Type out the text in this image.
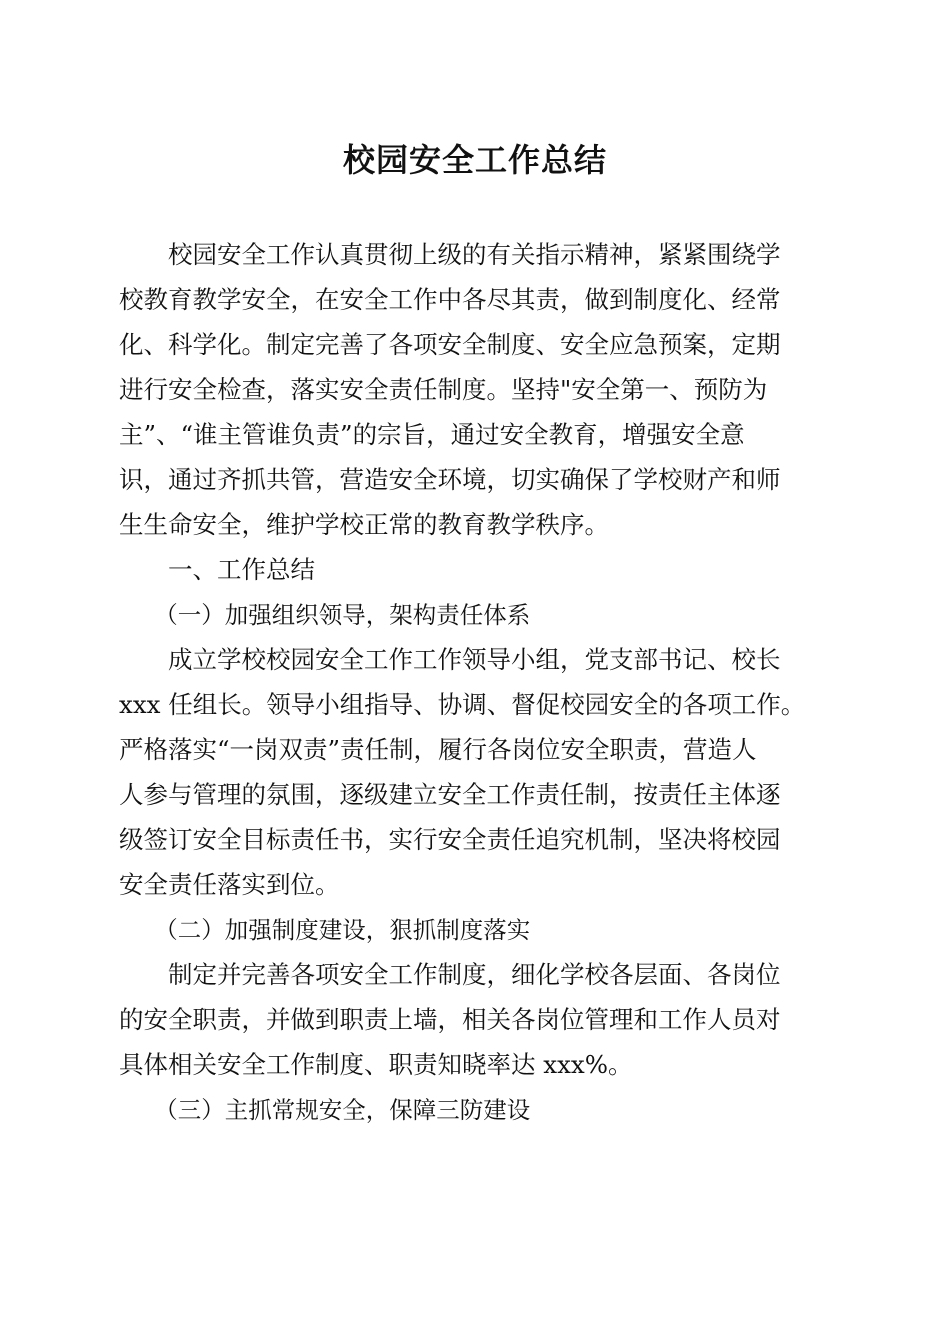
校园安全工作总结
　　校园安全工作认真贯彻上级的有关指示精神，紧紧围绕学
校教育教学安全，在安全工作中各尽其责，做到制度化、经常
化、科学化。制定完善了各项安全制度、安全应急预案，定期
进行安全检查，落实安全责任制度。坚持"安全第一、预防为
主”、“谁主管谁负责”的宗旨，通过安全教育，增强安全意
识，通过齐抓共管，营造安全环境，切实确保了学校财产和师
生生命安全，维护学校正常的教育教学秩序。
　　一、工作总结
　　（一）加强组织领导，架构责任体系
　　成立学校校园安全工作工作领导小组，党支部书记、校长
xxx 任组长。领导小组指导、协调、督促校园安全的各项工作。
严格落实“一岗双责”责任制，履行各岗位安全职责，营造人
人参与管理的氛围，逐级建立安全工作责任制，按责任主体逐
级签订安全目标责任书，实行安全责任追究机制，坚决将校园
安全责任落实到位。
　　（二）加强制度建设，狠抓制度落实
　　制定并完善各项安全工作制度，细化学校各层面、各岗位
的安全职责，并做到职责上墙，相关各岗位管理和工作人员对
具体相关安全工作制度、职责知晓率达 xxx%。
　　（三）主抓常规安全，保障三防建设
